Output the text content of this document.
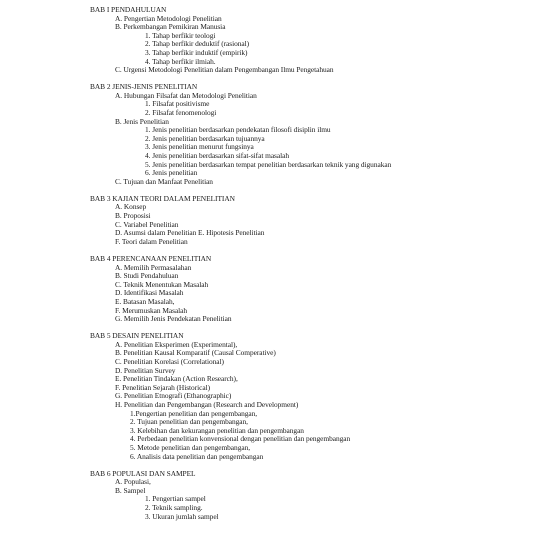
BAB I PENDAHULUAN
A. Pengertian Metodologi Penelitian
B. Perkembangan Pemikiran Manusia
1. Tahap berfikir teologi
2. Tahap berfikir deduktif (rasional)
3. Tahap berfikir induktif (empirik)
4. Tahap berfikir ilmiah.
C. Urgensi Metodologi Penelitian dalam Pengembangan Ilmu Pengetahuan
BAB 2 JENIS-JENIS PENELITIAN
A. Hubungan Filsafat dan Metodologi Penelitian
1. Filsafat positivisme
2. Filsafat fenomenologi
B. Jenis Penelitian
1. Jenis penelitian berdasarkan pendekatan filosofi disiplin ilmu
2. Jenis penelitian berdasarkan tujuannya
3. Jenis penelitian menurut fungsinya
4. Jenis penelitian berdasarkan sifat-sifat masalah
5. Jenis penelitian berdasarkan tempat penelitian berdasarkan teknik yang digunakan
6. Jenis penelitian
C. Tujuan dan Manfaat Penelitian
BAB 3 KAJIAN TEORI DALAM PENELITIAN
A. Konsep
B. Proposisi
C. Variabel Penelitian
D. Asumsi dalam Penelitian E. Hipotesis Penelitian
F. Teori dalam Penelitian
BAB 4 PERENCANAAN PENELITIAN
A. Memilih Permasalahan
B. Studi Pendahuluan
C. Teknik Menentukan Masalah
D. Identifikasi Masalah
E. Batasan Masalah,
F. Merumuskan Masalah
G. Memilih Jenis Pendekatan Penelitian
BAB 5 DESAIN PENELITIAN
A. Penelitian Eksperimen (Experimental),
B. Penelitian Kausal Komparatif (Causal Comperative)
C. Penelitian Korelasi (Correlational)
D. Penelitian Survey
E. Penelitian Tindakan (Action Research),
F. Penelitian Sejarah (Historical)
G. Penelitian Etnografi (Ethanographic)
H. Penelitian dan Pengembangan (Research and Development)
1.Pengertian penelitian dan pengembangan,
2. Tujuan penelitian dan pengembangan,
3. Kelebihan dan kekurangan penelitian dan pengembangan
4. Perbedaan penelitian konvensional dengan penelitian dan pengembangan
5. Metode penelitian dan pengembangan,
6. Analisis data penelitian dan pengembangan
BAB 6 POPULASI DAN SAMPEL
A. Populasi,
B. Sampel
1. Pengertian sampel
2. Teknik sampling.
3. Ukuran jumlah sampel
